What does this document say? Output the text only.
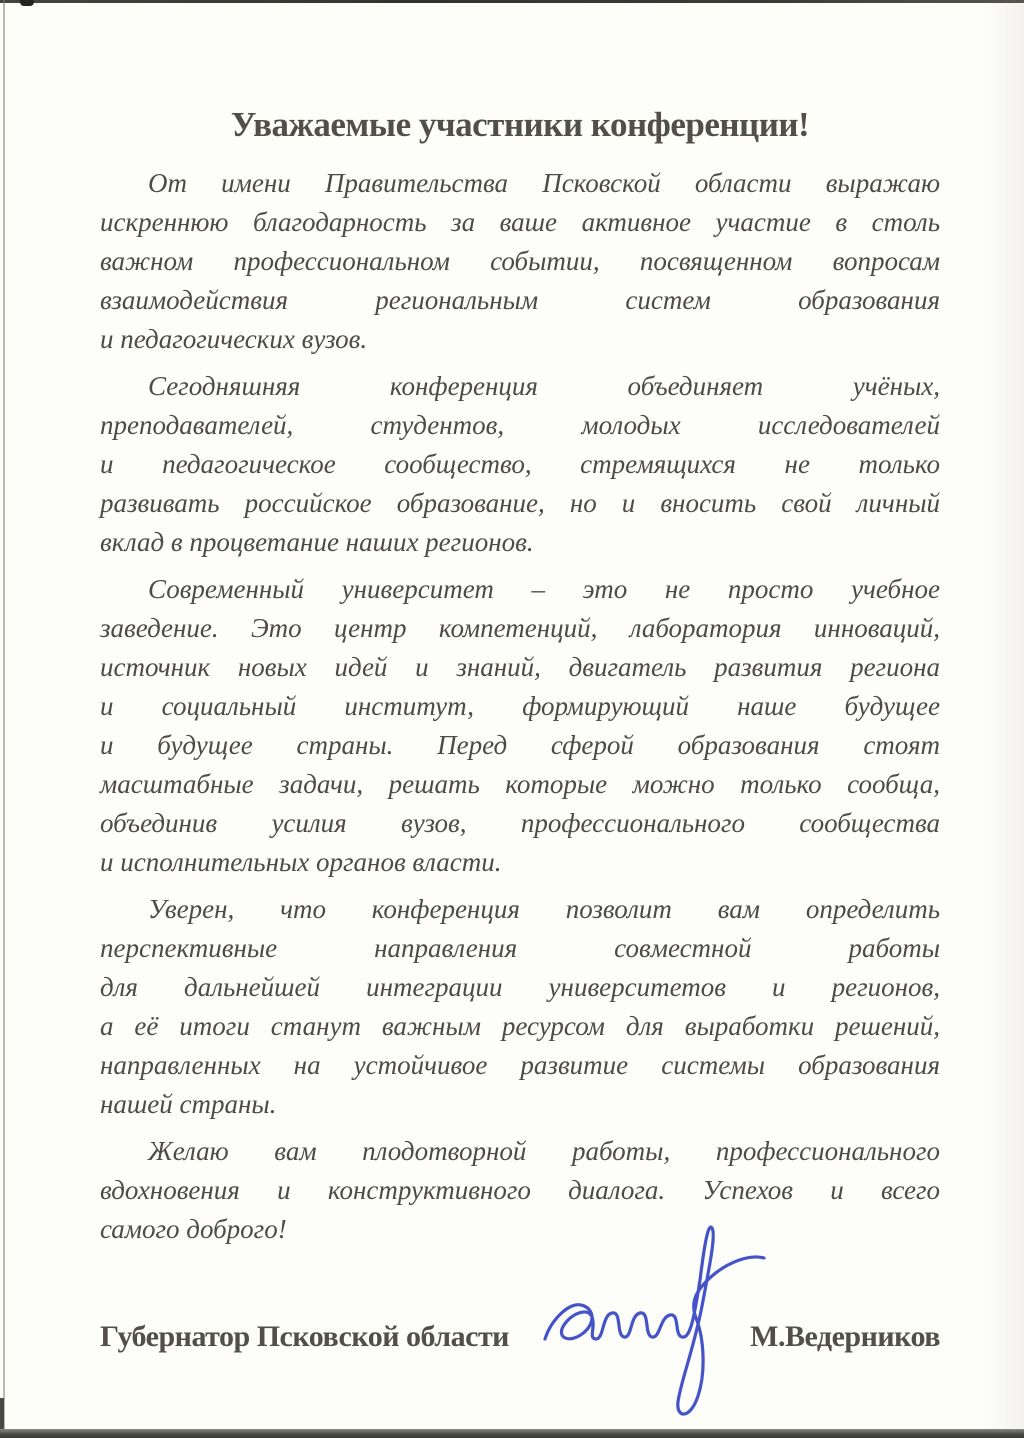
Уважаемые участники конференции!
От имени Правительства Псковской области выражаю
искреннюю благодарность за ваше активное участие в столь
важном профессиональном событии, посвященном вопросам
взаимодействия региональным систем образования
и педагогических вузов.
Сегодняшняя конференция объединяет учёных,
преподавателей, студентов, молодых исследователей
и педагогическое сообщество, стремящихся не только
развивать российское образование, но и вносить свой личный
вклад в процветание наших регионов.
Современный университет – это не просто учебное
заведение. Это центр компетенций, лаборатория инноваций,
источник новых идей и знаний, двигатель развития региона
и социальный институт, формирующий наше будущее
и будущее страны. Перед сферой образования стоят
масштабные задачи, решать которые можно только сообща,
объединив усилия вузов, профессионального сообщества
и исполнительных органов власти.
Уверен, что конференция позволит вам определить
перспективные направления совместной работы
для дальнейшей интеграции университетов и регионов,
а её итоги станут важным ресурсом для выработки решений,
направленных на устойчивое развитие системы образования
нашей страны.
Желаю вам плодотворной работы, профессионального
вдохновения и конструктивного диалога. Успехов и всего
самого доброго!
Губернатор Псковской области	М.Ведерников
